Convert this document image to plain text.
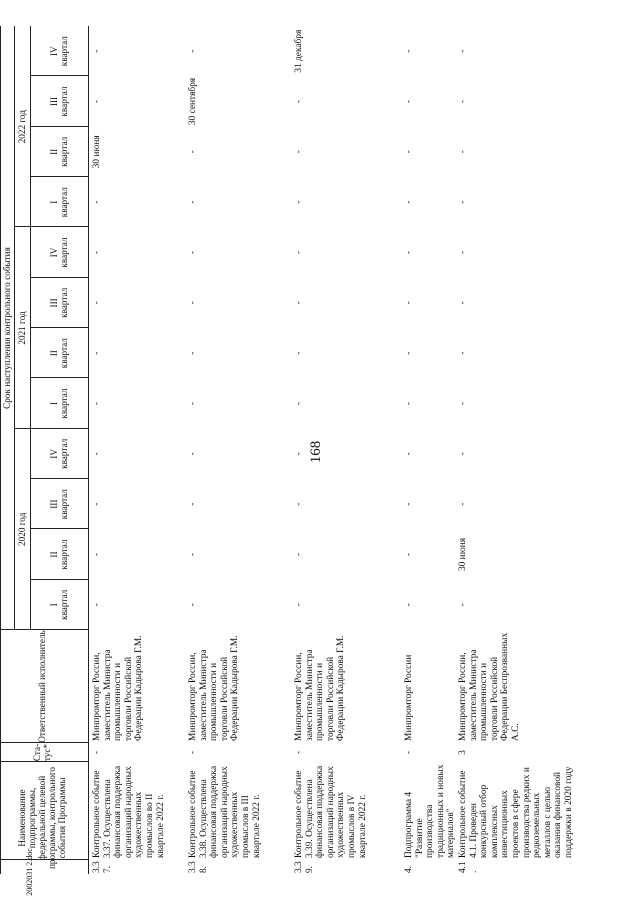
168
2002031 2.doc
Наименование подпрограммы, федеральной целевой программы, контрольного события Программы
Ста-тус*
Ответственный исполнитель
Срок наступления контрольного события
2020 год
2021 год
2022 год
I квартал
II квартал
III квартал
IV квартал
I квартал
II квартал
III квартал
IV квартал
I квартал
II квартал
III квартал
IV квартал
3.37.
Контрольное событие 3.37. Осуществлена финансовая поддержка организаций народных художественных промыслов во II квартале 2022 г.
-
Минпромторг России, заместитель Министра промышленности и торговли Российской Федерации Кадырова Г.М.
-
-
-
-
-
-
-
-
-
30 июня
-
-
3.38.
Контрольное событие 3.38. Осуществлена финансовая поддержка организаций народных художественных промыслов в III квартале 2022 г.
-
Минпромторг России, заместитель Министра промышленности и торговли Российской Федерации Кадырова Г.М.
-
-
-
-
-
-
-
-
-
-
30 сентября
-
3.39.
Контрольное событие 3.39. Осуществлена финансовая поддержка организаций народных художественных промыслов в IV квартале 2022 г.
-
Минпромторг России, заместитель Министра промышленности и торговли Российской Федерации Кадырова Г.М.
-
-
-
-
-
-
-
-
-
-
-
31 декабря
4.
Подпрограмма 4 "Развитие производства традиционных и новых материалов"
-
Минпромторг России
-
-
-
-
-
-
-
-
-
-
-
-
4.1.
Контрольное событие 4.1. Проведен конкурсный отбор комплексных инвестиционных проектов в сфере производства редких и редкоземельных металлов с целью оказания финансовой поддержки в 2020 году
3
Минпромторг России, заместитель Министра промышленности и торговли Российской Федерации Беспрозванных А.С.
-
30 июня
-
-
-
-
-
-
-
-
-
-
